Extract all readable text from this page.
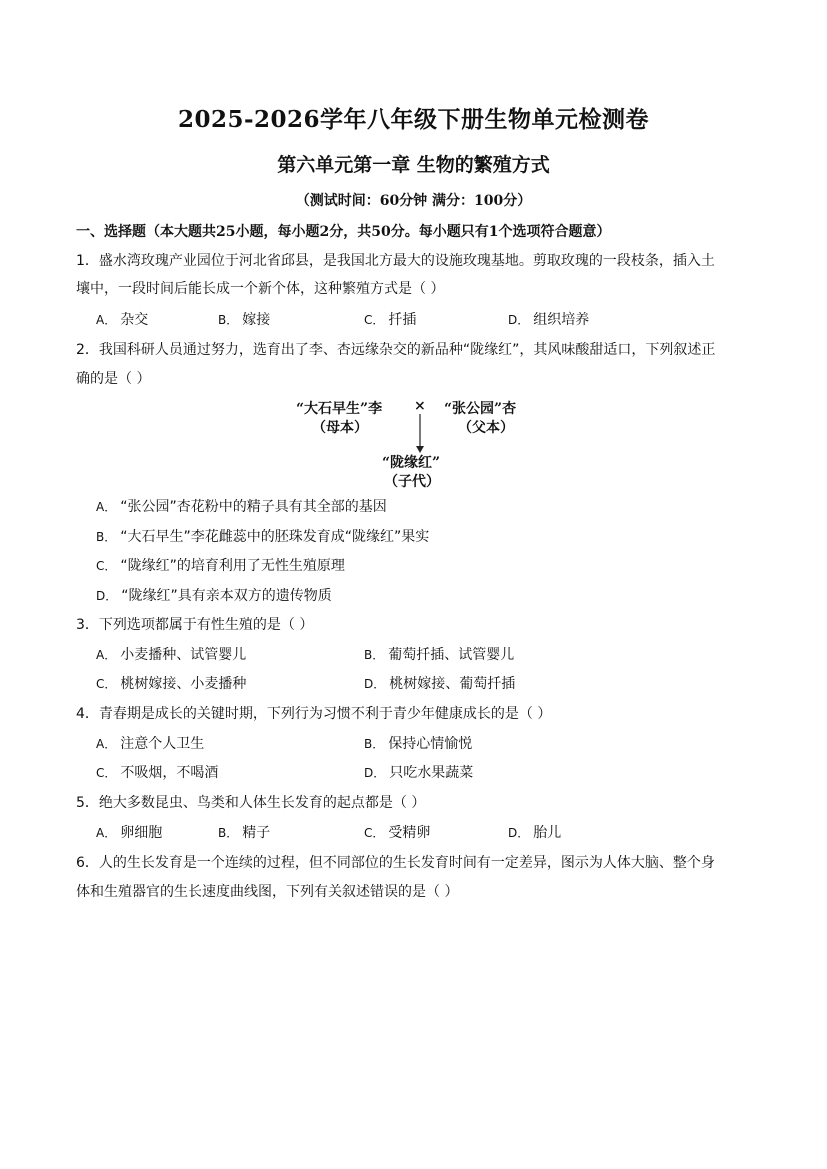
2025-2026学年八年级下册生物单元检测卷
第六单元第一章 生物的繁殖方式
（测试时间：60分钟 满分：100分）
一、选择题（本大题共25小题，每小题2分，共50分。每小题只有1个选项符合题意）
1．盛水湾玫瑰产业园位于河北省邱县，是我国北方最大的设施玫瑰基地。剪取玫瑰的一段枝条，插入土
壤中，一段时间后能长成一个新个体，这种繁殖方式是（ ）
A． 杂交	B． 嫁接	C． 扦插	D． 组织培养
2．我国科研人员通过努力，选育出了李、杏远缘杂交的新品种“陇缘红”，其风味酸甜适口，下列叙述正
确的是（ ）
“大石早生”李
（母本）
× “张公园”杏
（父本）
“陇缘红”
（子代）
A． “张公园”杏花粉中的精子具有其全部的基因
B． “大石早生”李花雌蕊中的胚珠发育成“陇缘红”果实
C． “陇缘红”的培育利用了无性生殖原理
D． “陇缘红”具有亲本双方的遗传物质
3．下列选项都属于有性生殖的是（ ）
A． 小麦播种、试管婴儿	B． 葡萄扦插、试管婴儿
C． 桃树嫁接、小麦播种	D． 桃树嫁接、葡萄扦插
4．青春期是成长的关键时期，下列行为习惯不利于青少年健康成长的是（ ）
A． 注意个人卫生	B． 保持心情愉悦
C． 不吸烟，不喝酒	D． 只吃水果蔬菜
5．绝大多数昆虫、鸟类和人体生长发育的起点都是（ ）
A． 卵细胞	B． 精子	C． 受精卵	D． 胎儿
6．人的生长发育是一个连续的过程，但不同部位的生长发育时间有一定差异，图示为人体大脑、整个身
体和生殖器官的生长速度曲线图，下列有关叙述错误的是（ ）
